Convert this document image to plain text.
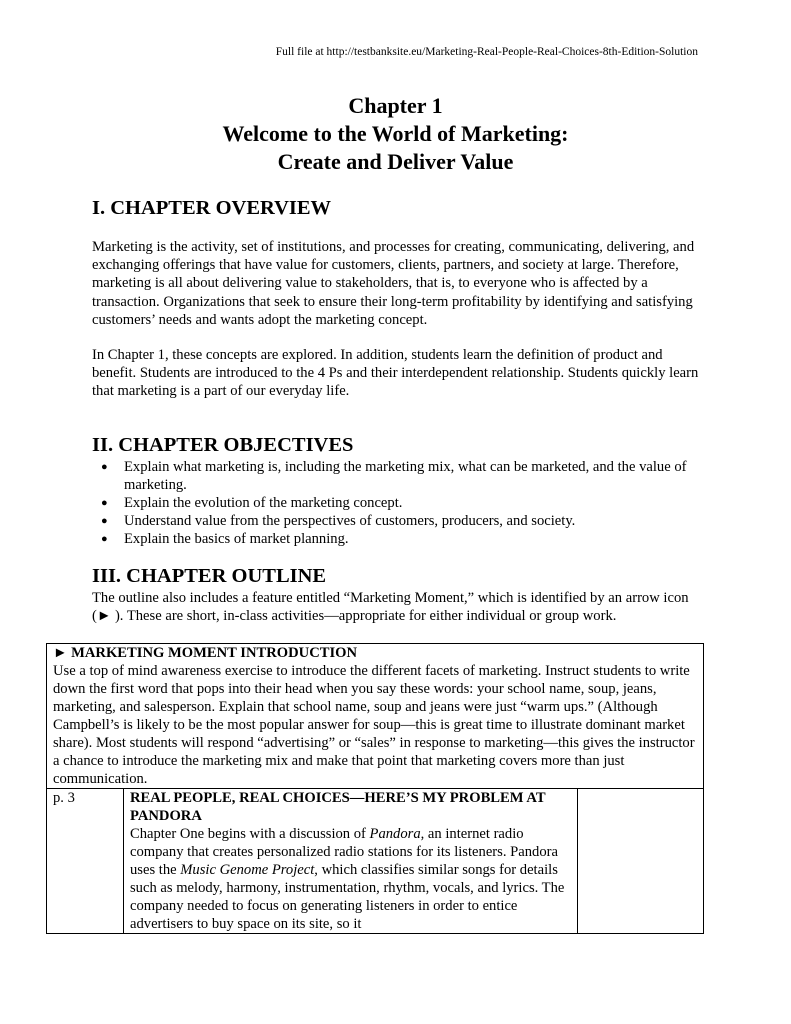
Full file at http://testbanksite.eu/Marketing-Real-People-Real-Choices-8th-Edition-Solution
Chapter 1
Welcome to the World of Marketing:
Create and Deliver Value
I. CHAPTER OVERVIEW

Marketing is the activity, set of institutions, and processes for creating, communicating, delivering, and exchanging offerings that have value for customers, clients, partners, and society at large. Therefore, marketing is all about delivering value to stakeholders, that is, to everyone who is affected by a transaction. Organizations that seek to ensure their long-term profitability by identifying and satisfying customers’ needs and wants adopt the marketing concept.

In Chapter 1, these concepts are explored. In addition, students learn the definition of product and benefit. Students are introduced to the 4 Ps and their interdependent relationship. Students quickly learn that marketing is a part of our everyday life.

II. CHAPTER OBJECTIVES
● Explain what marketing is, including the marketing mix, what can be marketed, and the value of marketing.
● Explain the evolution of the marketing concept.
● Understand value from the perspectives of customers, producers, and society.
● Explain the basics of market planning.
III. CHAPTER OUTLINE

The outline also includes a feature entitled “Marketing Moment,” which is identified by an arrow icon (► ). These are short, in-class activities—appropriate for either individual or group work.

► MARKETING MOMENT INTRODUCTION
Use a top of mind awareness exercise to introduce the different facets of marketing. Instruct students to write down the first word that pops into their head when you say these words: your school name, soup, jeans, marketing, and salesperson. Explain that school name, soup and jeans were just “warm ups.” (Although Campbell’s is likely to be the most popular answer for soup—this is great time to illustrate dominant market share). Most students will respond “advertising” or “sales” in response to marketing—this gives the instructor a chance to introduce the marketing mix and make that point that marketing covers more than just communication.
p. 3	REAL PEOPLE, REAL CHOICES—HERE’S MY PROBLEM AT PANDORA
Chapter One begins with a discussion of Pandora, an internet radio company that creates personalized radio stations for its listeners. Pandora uses the Music Genome Project, which classifies similar songs for details such as melody, harmony, instrumentation, rhythm, vocals, and lyrics. The company needed to focus on generating listeners in order to entice advertisers to buy space on its site, so it	
